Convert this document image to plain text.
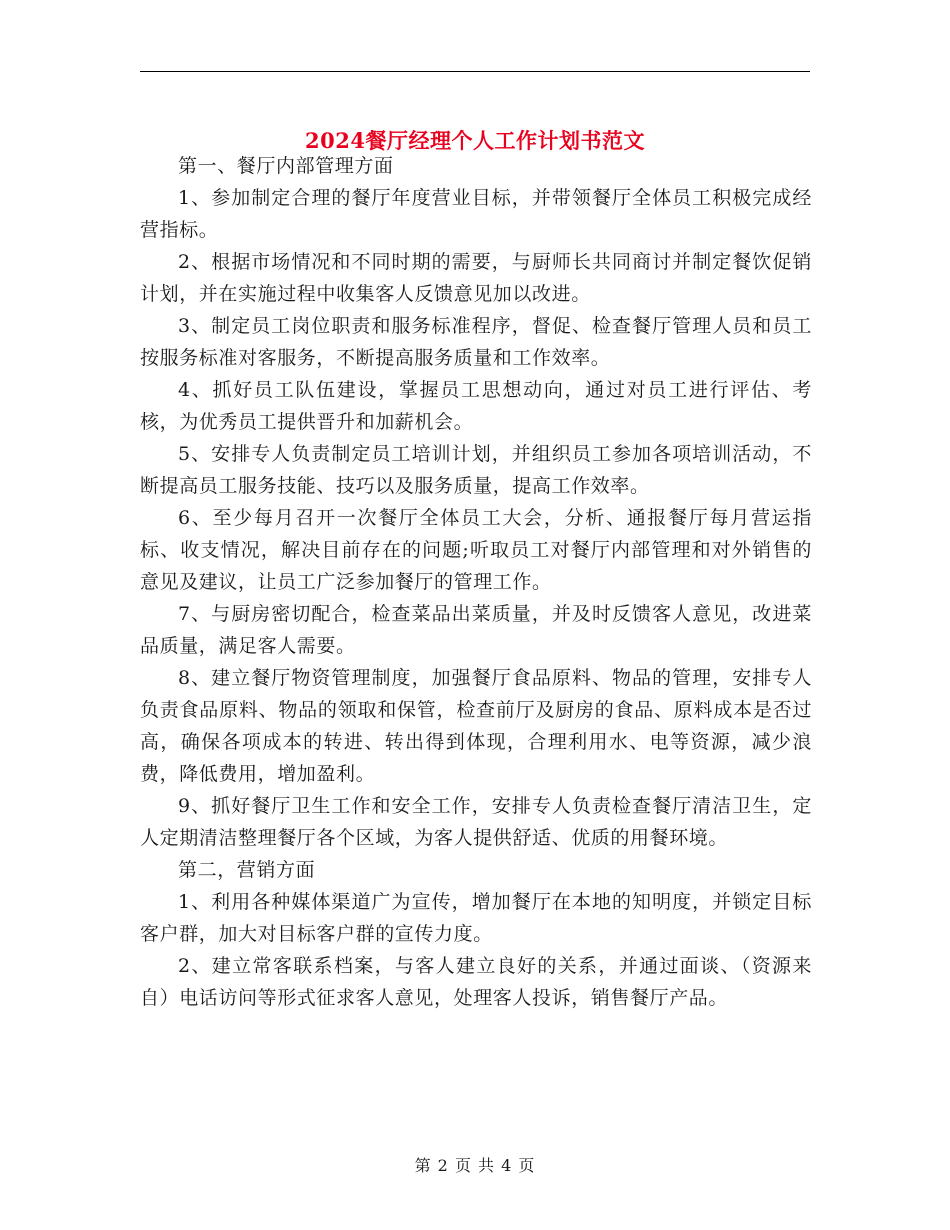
2024餐厅经理个人工作计划书范文

第一、餐厅内部管理方面

1、参加制定合理的餐厅年度营业目标，并带领餐厅全体员工积极完成经营指标。

2、根据市场情况和不同时期的需要，与厨师长共同商讨并制定餐饮促销计划，并在实施过程中收集客人反馈意见加以改进。

3、制定员工岗位职责和服务标准程序，督促、检查餐厅管理人员和员工按服务标准对客服务，不断提高服务质量和工作效率。

4、抓好员工队伍建设，掌握员工思想动向，通过对员工进行评估、考核，为优秀员工提供晋升和加薪机会。

5、安排专人负责制定员工培训计划，并组织员工参加各项培训活动，不断提高员工服务技能、技巧以及服务质量，提高工作效率。

6、至少每月召开一次餐厅全体员工大会，分析、通报餐厅每月营运指标、收支情况，解决目前存在的问题;听取员工对餐厅内部管理和对外销售的意见及建议，让员工广泛参加餐厅的管理工作。

7、与厨房密切配合，检查菜品出菜质量，并及时反馈客人意见，改进菜品质量，满足客人需要。

8、建立餐厅物资管理制度，加强餐厅食品原料、物品的管理，安排专人负责食品原料、物品的领取和保管，检查前厅及厨房的食品、原料成本是否过高，确保各项成本的转进、转出得到体现，合理利用水、电等资源，减少浪费，降低费用，增加盈利。

9、抓好餐厅卫生工作和安全工作，安排专人负责检查餐厅清洁卫生，定人定期清洁整理餐厅各个区域，为客人提供舒适、优质的用餐环境。

第二，营销方面

1、利用各种媒体渠道广为宣传，增加餐厅在本地的知明度，并锁定目标客户群，加大对目标客户群的宣传力度。

2、建立常客联系档案，与客人建立良好的关系，并通过面谈、（资源来自）电话访问等形式征求客人意见，处理客人投诉，销售餐厅产品。

第 2 页 共 4 页
